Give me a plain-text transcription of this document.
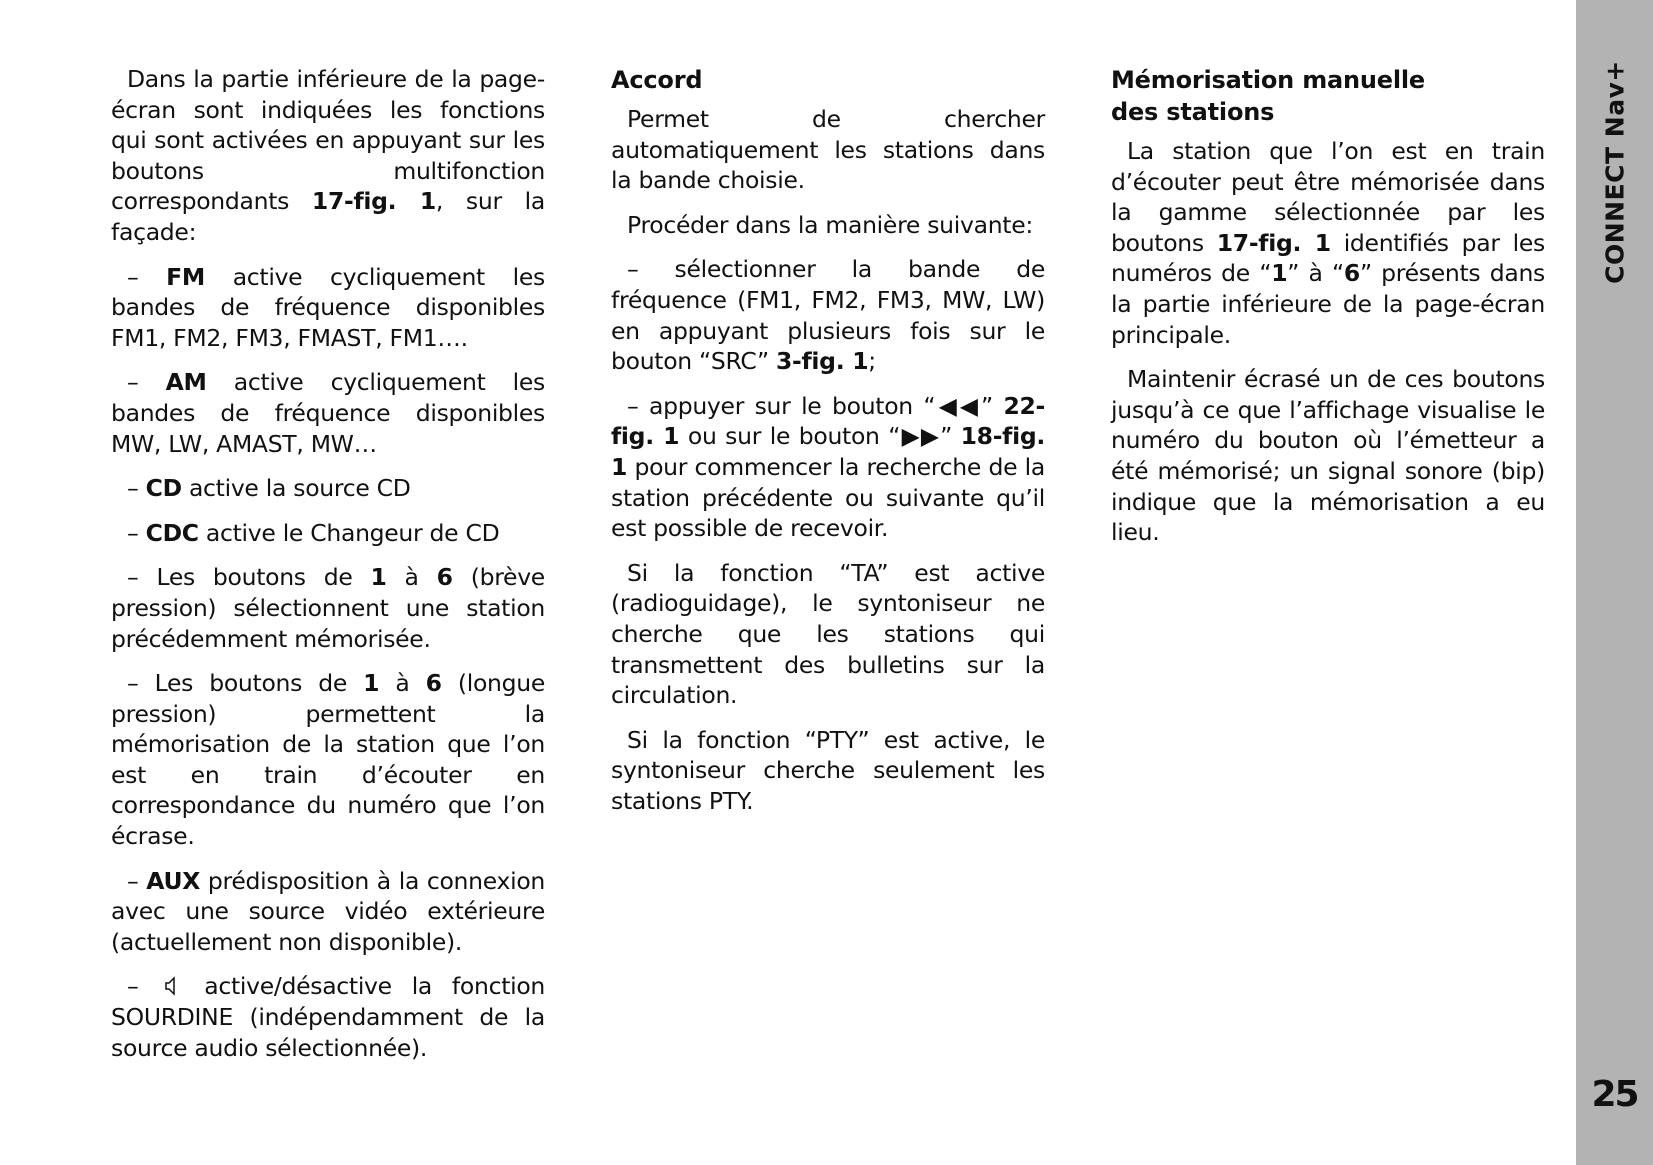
Dans la partie inférieure de la page-écran sont indiquées les fonctions qui sont activées en appuyant sur les boutons multifonction correspondants 17-fig. 1, sur la façade:

– FM active cycliquement les bandes de fréquence disponibles FM1, FM2, FM3, FMAST, FM1….

– AM active cycliquement les bandes de fréquence disponibles MW, LW, AMAST, MW…

– CD active la source CD

– CDC active le Changeur de CD

– Les boutons de 1 à 6 (brève pression) sélectionnent une station précédemment mémorisée.

– Les boutons de 1 à 6 (longue pression) permettent la mémorisation de la station que l’on est en train d’écouter en correspondance du numéro que l’on écrase.

– AUX prédisposition à la connexion avec une source vidéo extérieure (actuellement non disponible).

–  active/désactive la fonction SOURDINE (indépendamment de la source audio sélectionnée).

Accord

Permet de chercher automatiquement les stations dans la bande choisie.

Procéder dans la manière suivante:

– sélectionner la bande de fréquence (FM1, FM2, FM3, MW, LW) en appuyant plusieurs fois sur le bouton “SRC” 3-fig. 1;

– appuyer sur le bouton “◀◀” 22-fig. 1 ou sur le bouton “▶▶” 18-fig. 1 pour commencer la recherche de la station précédente ou suivante qu’il est possible de recevoir.

Si la fonction “TA” est active (radioguidage), le syntoniseur ne cherche que les stations qui transmettent des bulletins sur la circulation.

Si la fonction “PTY” est active, le syntoniseur cherche seulement les stations PTY.

Mémorisation manuelle
des stations

La station que l’on est en train d’écouter peut être mémorisée dans la gamme sélectionnée par les boutons 17-fig. 1 identifiés par les numéros de “1” à “6” présents dans la partie inférieure de la page-écran principale.

Maintenir écrasé un de ces boutons jusqu’à ce que l’affichage visualise le numéro du bouton où l’émetteur a été mémorisé; un signal sonore (bip) indique que la mémorisation a eu lieu.

CONNECT Nav+
25
